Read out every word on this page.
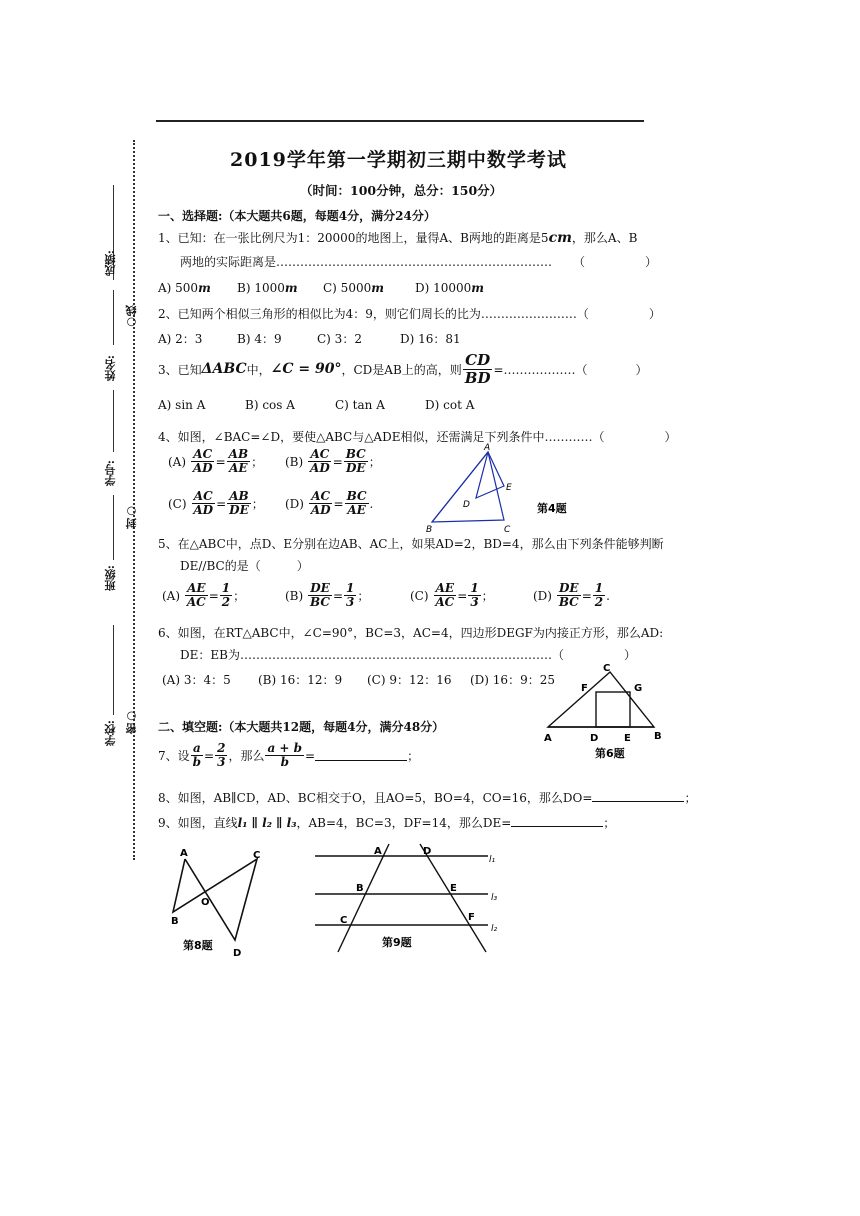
成绩:
○线
姓名:
学号:
封○
班级:
学校: 密○
2019学年第一学期初三期中数学考试
（时间：100分钟，总分：150分）
一、选择题:（本大题共6题，每题4分，满分24分）
1、已知：在一张比例尺为1：20000的地图上，量得A、B两地的距离是5cm，那么A、B
两地的实际距离是…………………………………………………………… （　　　　　）
A) 500m B) 1000m C) 5000m	D) 10000m
2、已知两个相似三角形的相似比为4：9，则它们周长的比为……………………（　　　　　）
A) 2：3	B) 4：9	C) 3：2	D) 16：81
3、已知 ΔABC 中， ∠C = 90° ，CD是AB上的高，则 $\frac{CD}{BD}$ =………………（　　　　）
A) sin A	B) cos A	C) tan A	D) cot A
4、如图，∠BAC=∠D，要使△ABC与△ADE相似，还需满足下列条件中…………（　　　　　）
(A)
$\frac{AC}{AD} = \frac{AB}{AE}$ ； (B)
$\frac{AC}{AD} = \frac{BC}{DE}$ ；
(C)
$\frac{AC}{AD} = \frac{AB}{DE}$ ； (D)
$\frac{AC}{AD} = \frac{BC}{AE}$ .
A
B	C
D
E
第4题
5、在△ABC中，点D、E分别在边AB、AC上，如果AD=2，BD=4，那么由下列条件能够判断
DE//BC的是（　　　）
(A)
$\frac{AE}{AC} = \frac{1}{2}$ ；	(B)
$\frac{DE}{BC} = \frac{1}{3}$ ；	(C)
$\frac{AE}{AC} = \frac{1}{3}$ ；	(D)
$\frac{DE}{BC} = \frac{1}{2}$ .
6、如图，在RT△ABC中，∠C=90°，BC=3，AC=4，四边形DEGF为内接正方形，那么AD:
DE：EB为……………………………………………………………………（　　　　　）
(A) 3：4：5 (B) 16：12：9 (C) 9：12：16 (D) 16：9：25
C
F	G
A	D	E B
第6题
二、填空题:（本大题共12题，每题4分，满分48分）
7、设 $\frac{a}{b} = \frac{2}{3}$ ，那么 $\frac{a + b}{b}$ =	；
8、如图，AB∥CD，AD、BC相交于O，且AO=5，BO=4，CO=16，那么DO=	；
9、如图，直线l₁ ∥ l₂ ∥ l₃，AB=4，BC=3，DF=14，那么DE=	；
A	C
B
O
D
第8题
A	D
B	E
C	F
l₁
l₃
l₂
第9题
